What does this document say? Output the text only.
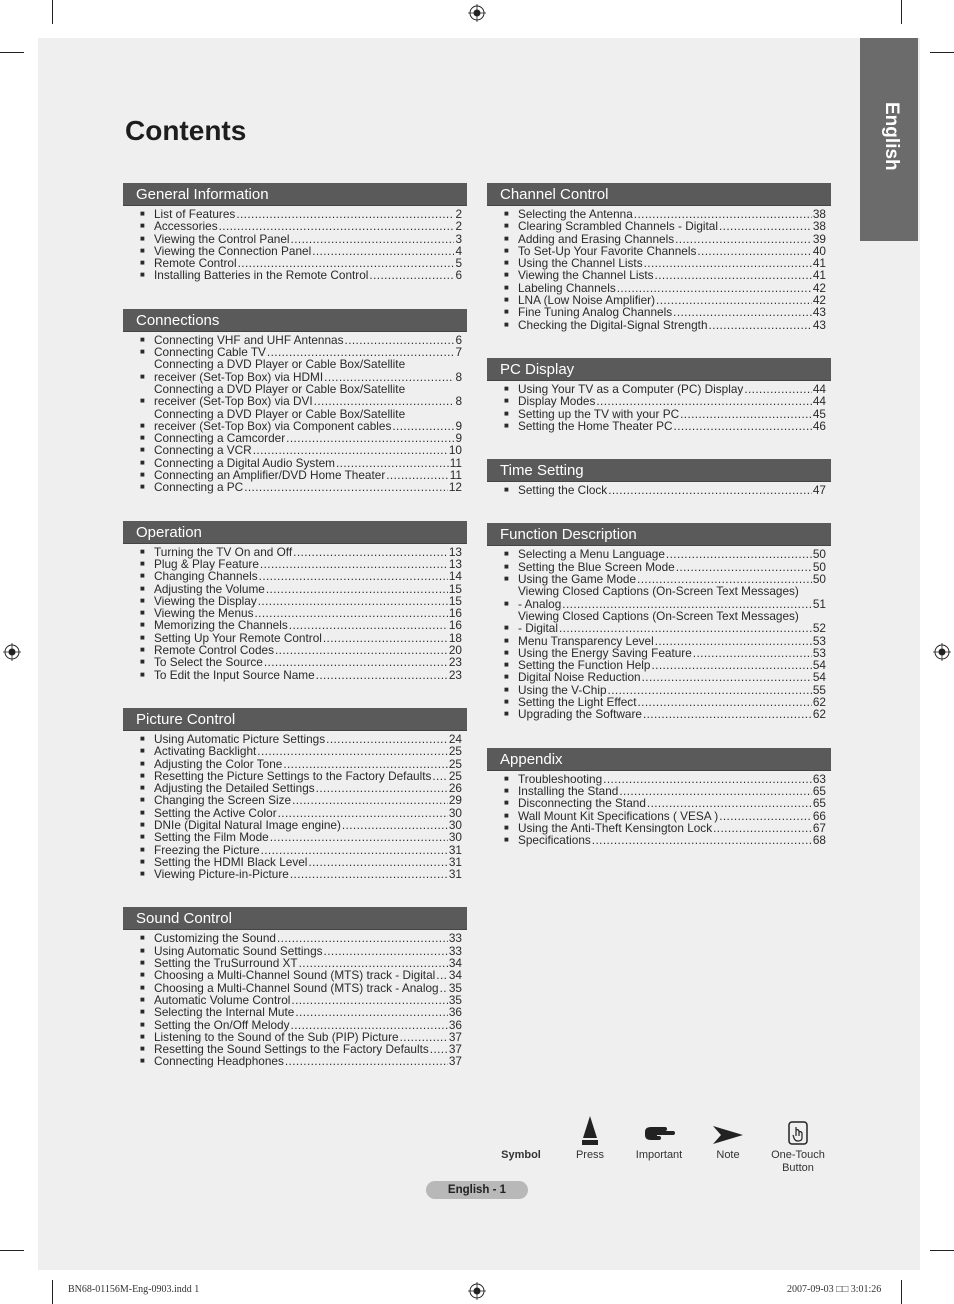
English
Contents
General Information
■ List of Features .....	2
■ Accessories .....	2
■ Viewing the Control Panel .....	3
■ Viewing the Connection Panel .....	4
■ Remote Control .....	5
■ Installing Batteries in the Remote Control .....	6
Connections
■ Connecting VHF and UHF Antennas .....	6
■ Connecting Cable TV .....	7
■
Connecting a DVD Player or Cable Box/Satellite
receiver (Set-Top Box) via HDMI .....	8
■
Connecting a DVD Player or Cable Box/Satellite
receiver (Set-Top Box) via DVI .....	8
■
Connecting a DVD Player or Cable Box/Satellite
receiver (Set-Top Box) via Component cables .....	9
■ Connecting a Camcorder .....	9
■ Connecting a VCR .....	10
■ Connecting a Digital Audio System .....	11
■ Connecting an Amplifier/DVD Home Theater .....	11
■ Connecting a PC .....	12
Operation
■ Turning the TV On and Off .....	13
■ Plug & Play Feature .....	13
■ Changing Channels .....	14
■ Adjusting the Volume .....	15
■ Viewing the Display .....	15
■ Viewing the Menus .....	16
■ Memorizing the Channels .....	16
■ Setting Up Your Remote Control .....	18
■ Remote Control Codes .....	20
■ To Select the Source .....	23
■ To Edit the Input Source Name .....	23
Picture Control
■ Using Automatic Picture Settings .....	24
■ Activating Backlight .....	25
■ Adjusting the Color Tone .....	25
■ Resetting the Picture Settings to the Factory Defaults ..... 25
■ Adjusting the Detailed Settings .....	26
■ Changing the Screen Size .....	29
■ Setting the Active Color .....	30
■ DNIe (Digital Natural Image engine) .....	30
■ Setting the Film Mode .....	30
■ Freezing the Picture .....	31
■ Setting the HDMI Black Level .....	31
■ Viewing Picture-in-Picture .....	31
Sound Control
■ Customizing the Sound .....	33
■ Using Automatic Sound Settings .....	33
■ Setting the TruSurround XT .....	34
■ Choosing a Multi-Channel Sound (MTS) track - Digital ..... 34
■ Choosing a Multi-Channel Sound (MTS) track - Analog ..... 35
■ Automatic Volume Control .....	35
■ Selecting the Internal Mute .....	36
■ Setting the On/Off Melody .....	36
■ Listening to the Sound of the Sub (PIP) Picture .....	37
■ Resetting the Sound Settings to the Factory Defaults ..... 37
■ Connecting Headphones .....	37
Channel Control
■ Selecting the Antenna .....	38
■ Clearing Scrambled Channels - Digital .....	38
■ Adding and Erasing Channels .....	39
■ To Set-Up Your Favorite Channels .....	40
■ Using the Channel Lists .....	41
■ Viewing the Channel Lists .....	41
■ Labeling Channels .....	42
■ LNA (Low Noise Amplifier) .....	42
■ Fine Tuning Analog Channels .....	43
■ Checking the Digital-Signal Strength .....	43
PC Display
■ Using Your TV as a Computer (PC) Display .....	44
■ Display Modes .....	44
■ Setting up the TV with your PC .....	45
■ Setting the Home Theater PC .....	46
Time Setting
■ Setting the Clock .....	47
Function Description
■ Selecting a Menu Language .....	50
■ Setting the Blue Screen Mode .....	50
■ Using the Game Mode .....	50
■
Viewing Closed Captions (On-Screen Text Messages)
- Analog .....	51
■
Viewing Closed Captions (On-Screen Text Messages)
- Digital .....	52
■ Menu Transparency Level .....	53
■ Using the Energy Saving Feature .....	53
■ Setting the Function Help .....	54
■ Digital Noise Reduction .....	54
■ Using the V-Chip .....	55
■ Setting the Light Effect .....	62
■ Upgrading the Software .....	62
Appendix
■ Troubleshooting .....	63
■ Installing the Stand .....	65
■ Disconnecting the Stand .....	65
■ Wall Mount Kit Specifications ( VESA ) .....	66
■ Using the Anti-Theft Kensington Lock .....	67
■ Specifications .....	68
Symbol	Press	Important	Note	One-Touch Button
English - 1
BN68-01156M-Eng-0903.indd 1	2007-09-03 □□ 3:01:26
